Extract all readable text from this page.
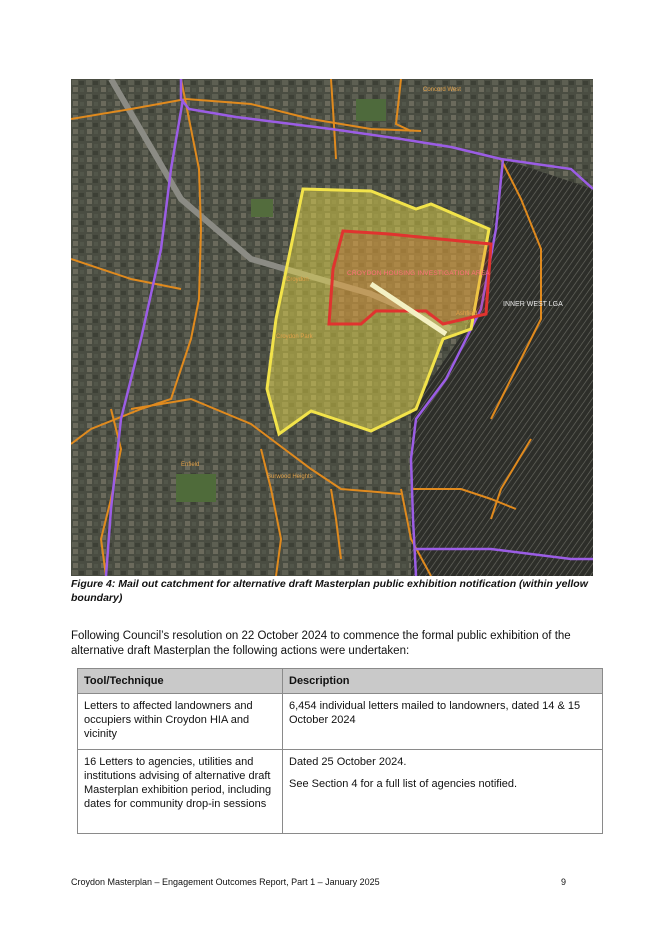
INNER WEST LGA
CROYDON HOUSING INVESTIGATION AREA
Croydon
Enfield
Burwood Heights
Concord West
Ashfield
Croydon Park
Figure 4: Mail out catchment for alternative draft Masterplan public exhibition notification (within yellow boundary)
Following Council’s resolution on 22 October 2024 to commence the formal public exhibition of the alternative draft Masterplan the following actions were undertaken:
Tool/Technique	Description
Letters to affected landowners and occupiers within Croydon HIA and vicinity	6,454 individual letters mailed to landowners, dated 14 & 15 October 2024

16 Letters to agencies, utilities and institutions advising of alternative draft Masterplan exhibition period, including dates for community drop-in sessions	Dated 25 October 2024.

See Section 4 for a full list of agencies notified.

Croydon Masterplan – Engagement Outcomes Report, Part 1 – January 2025	9
